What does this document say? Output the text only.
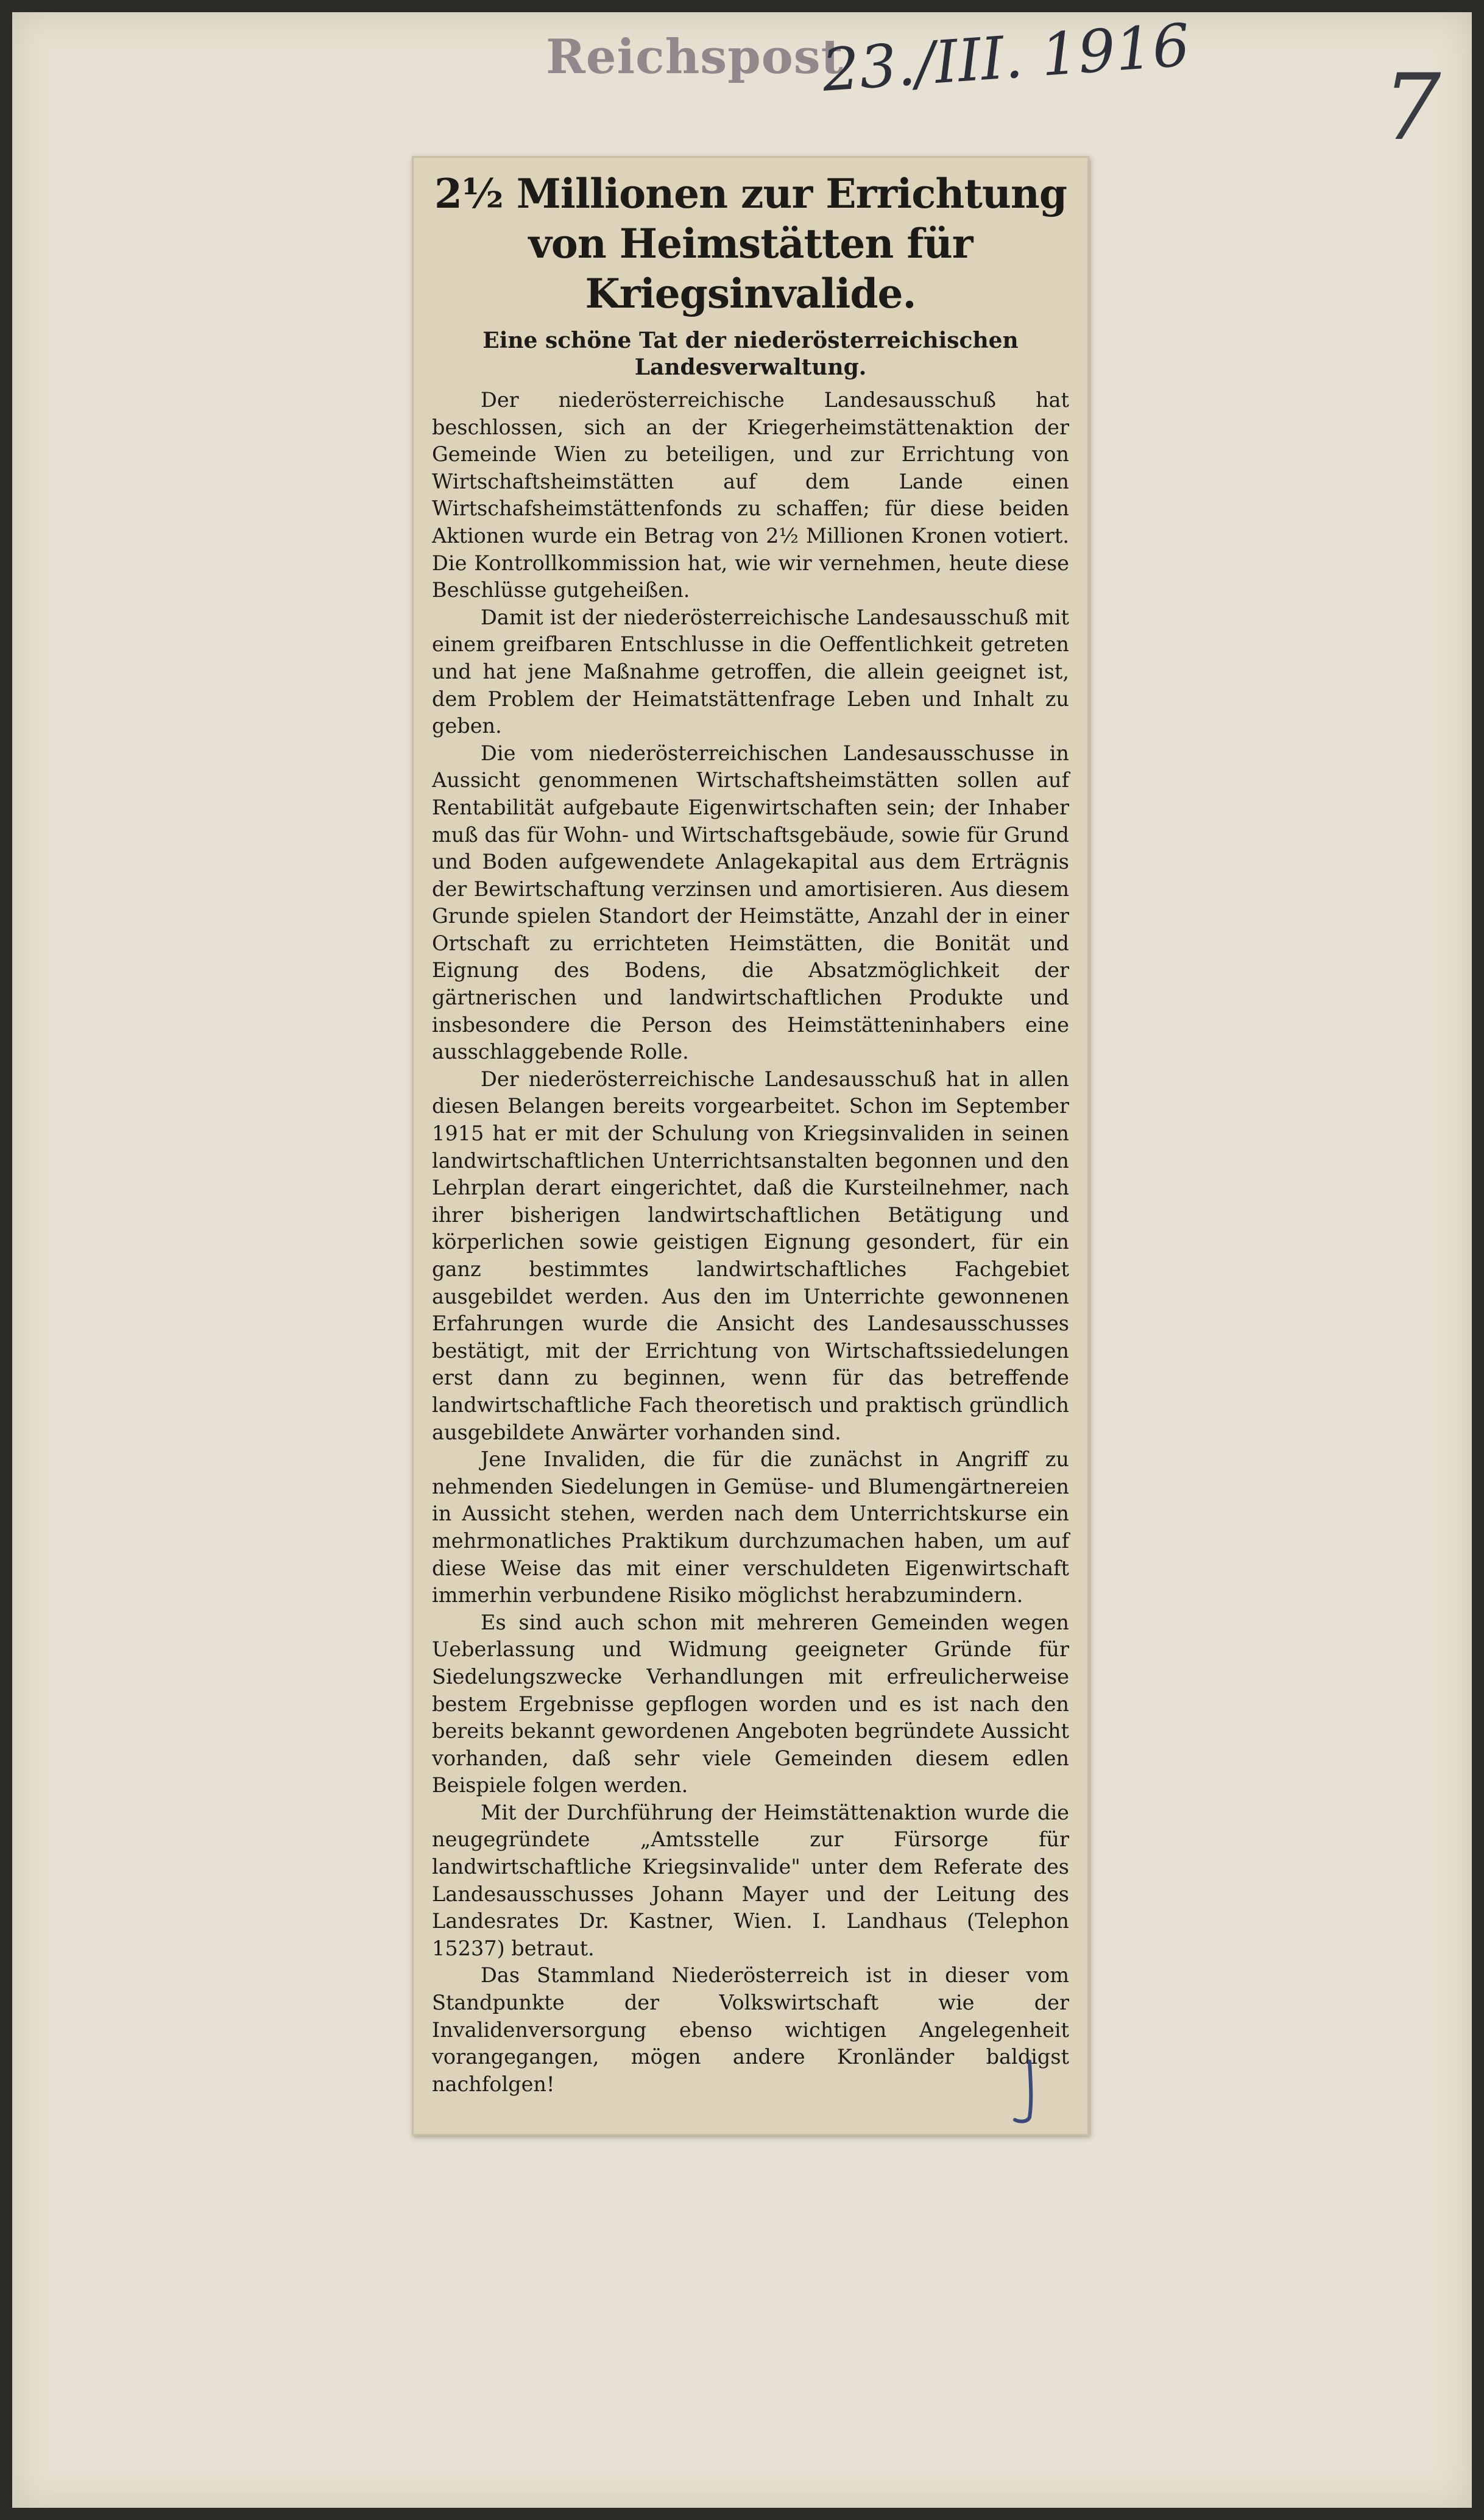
Reichspost
23./III. 1916 7
2½ Millionen zur Errichtung von Heimstätten für Kriegsinvalide.
Eine schöne Tat der niederösterreichischen Landesverwaltung.

Der niederösterreichische Landesausschuß hat beschlossen, sich an der Kriegerheimstättenaktion der Gemeinde Wien zu beteiligen, und zur Errichtung von Wirtschaftsheimstätten auf dem Lande einen Wirtschafsheimstättenfonds zu schaffen; für diese beiden Aktionen wurde ein Betrag von 2½ Millionen Kronen votiert. Die Kontrollkommission hat, wie wir vernehmen, heute diese Beschlüsse gutgeheißen.

Damit ist der niederösterreichische Landesausschuß mit einem greifbaren Entschlusse in die Oeffentlichkeit getreten und hat jene Maßnahme getroffen, die allein geeignet ist, dem Problem der Heimatstättenfrage Leben und Inhalt zu geben.

Die vom niederösterreichischen Landesausschusse in Aussicht genommenen Wirtschaftsheimstätten sollen auf Rentabilität aufgebaute Eigenwirtschaften sein; der Inhaber muß das für Wohn- und Wirtschaftsgebäude, sowie für Grund und Boden aufgewendete Anlagekapital aus dem Erträgnis der Bewirtschaftung verzinsen und amortisieren. Aus diesem Grunde spielen Standort der Heimstätte, Anzahl der in einer Ortschaft zu errichteten Heimstätten, die Bonität und Eignung des Bodens, die Absatzmöglichkeit der gärtnerischen und landwirtschaftlichen Produkte und insbesondere die Person des Heimstätteninhabers eine ausschlaggebende Rolle.

Der niederösterreichische Landesausschuß hat in allen diesen Belangen bereits vorgearbeitet. Schon im September 1915 hat er mit der Schulung von Kriegsinvaliden in seinen landwirtschaftlichen Unterrichtsanstalten begonnen und den Lehrplan derart eingerichtet, daß die Kursteilnehmer, nach ihrer bisherigen landwirtschaftlichen Betätigung und körperlichen sowie geistigen Eignung gesondert, für ein ganz bestimmtes landwirtschaftliches Fachgebiet ausgebildet werden. Aus den im Unterrichte gewonnenen Erfahrungen wurde die Ansicht des Landesausschusses bestätigt, mit der Errichtung von Wirtschaftssiedelungen erst dann zu beginnen, wenn für das betreffende landwirtschaftliche Fach theoretisch und praktisch gründlich ausgebildete Anwärter vorhanden sind.

Jene Invaliden, die für die zunächst in Angriff zu nehmenden Siedelungen in Gemüse- und Blumengärtnereien in Aussicht stehen, werden nach dem Unterrichtskurse ein mehrmonatliches Praktikum durchzumachen haben, um auf diese Weise das mit einer verschuldeten Eigenwirtschaft immerhin verbundene Risiko möglichst herabzumindern.

Es sind auch schon mit mehreren Gemeinden wegen Ueberlassung und Widmung geeigneter Gründe für Siedelungszwecke Verhandlungen mit erfreulicherweise bestem Ergebnisse gepflogen worden und es ist nach den bereits bekannt gewordenen Angeboten begründete Aussicht vorhanden, daß sehr viele Gemeinden diesem edlen Beispiele folgen werden.

Mit der Durchführung der Heimstättenaktion wurde die neugegründete „Amtsstelle zur Fürsorge für landwirtschaftliche Kriegsinvalide" unter dem Referate des Landesausschusses Johann Mayer und der Leitung des Landesrates Dr. Kastner, Wien. I. Landhaus (Telephon 15237) betraut.

Das Stammland Niederösterreich ist in dieser vom Standpunkte der Volkswirtschaft wie der Invalidenversorgung ebenso wichtigen Angelegenheit vorangegangen, mögen andere Kronländer baldigst nachfolgen!
